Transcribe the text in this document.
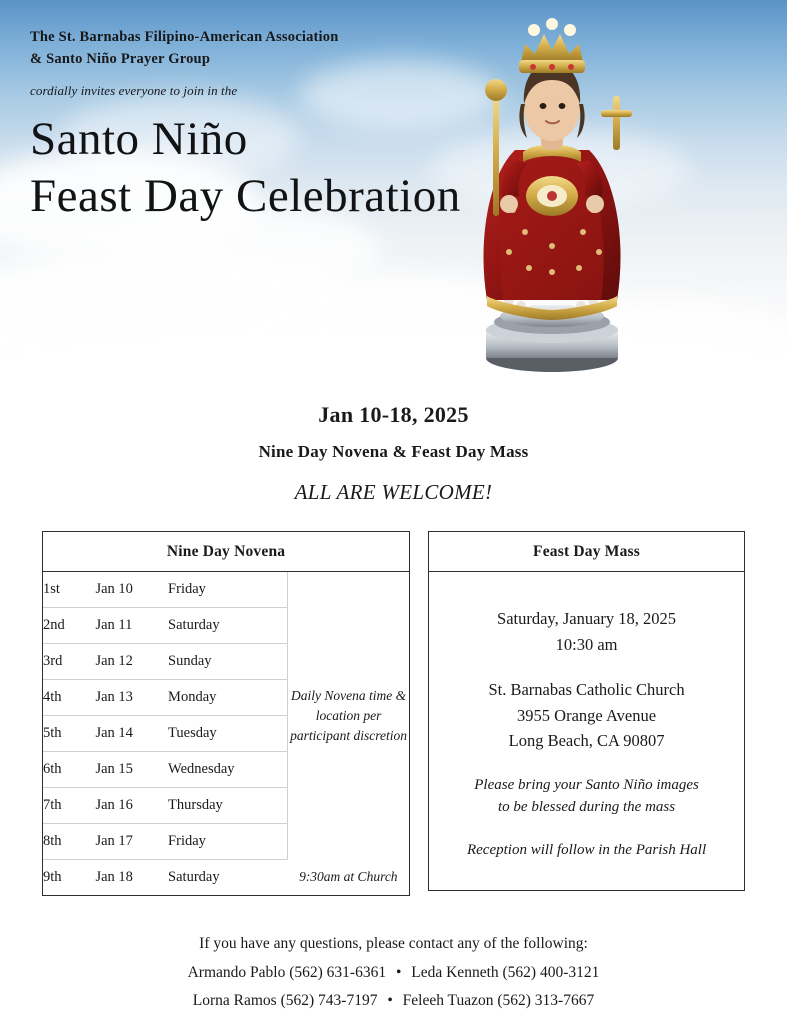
The St. Barnabas Filipino-American Association
& Santo Niño Prayer Group
cordially invites everyone to join in the
Santo Niño
Feast Day Celebration
Jan 10-18, 2025
Nine Day Novena & Feast Day Mass
ALL ARE WELCOME!
Nine Day Novena
1st	Jan 10	Friday	Daily Novena time & location per participant discretion
2nd	Jan 11	Saturday	
3rd	Jan 12	Sunday	
4th	Jan 13	Monday	
5th	Jan 14	Tuesday	
6th	Jan 15	Wednesday	
7th	Jan 16	Thursday	
8th	Jan 17	Friday	
9th	Jan 18	Saturday	9:30am at Church
Feast Day Mass
Saturday, January 18, 2025
10:30 am
St. Barnabas Catholic Church
3955 Orange Avenue
Long Beach, CA 90807
Please bring your Santo Niño images
to be blessed during the mass
Reception will follow in the Parish Hall
If you have any questions, please contact any of the following:
Armando Pablo (562) 631-6361 • Leda Kenneth (562) 400-3121
Lorna Ramos (562) 743-7197 • Feleeh Tuazon (562) 313-7667
